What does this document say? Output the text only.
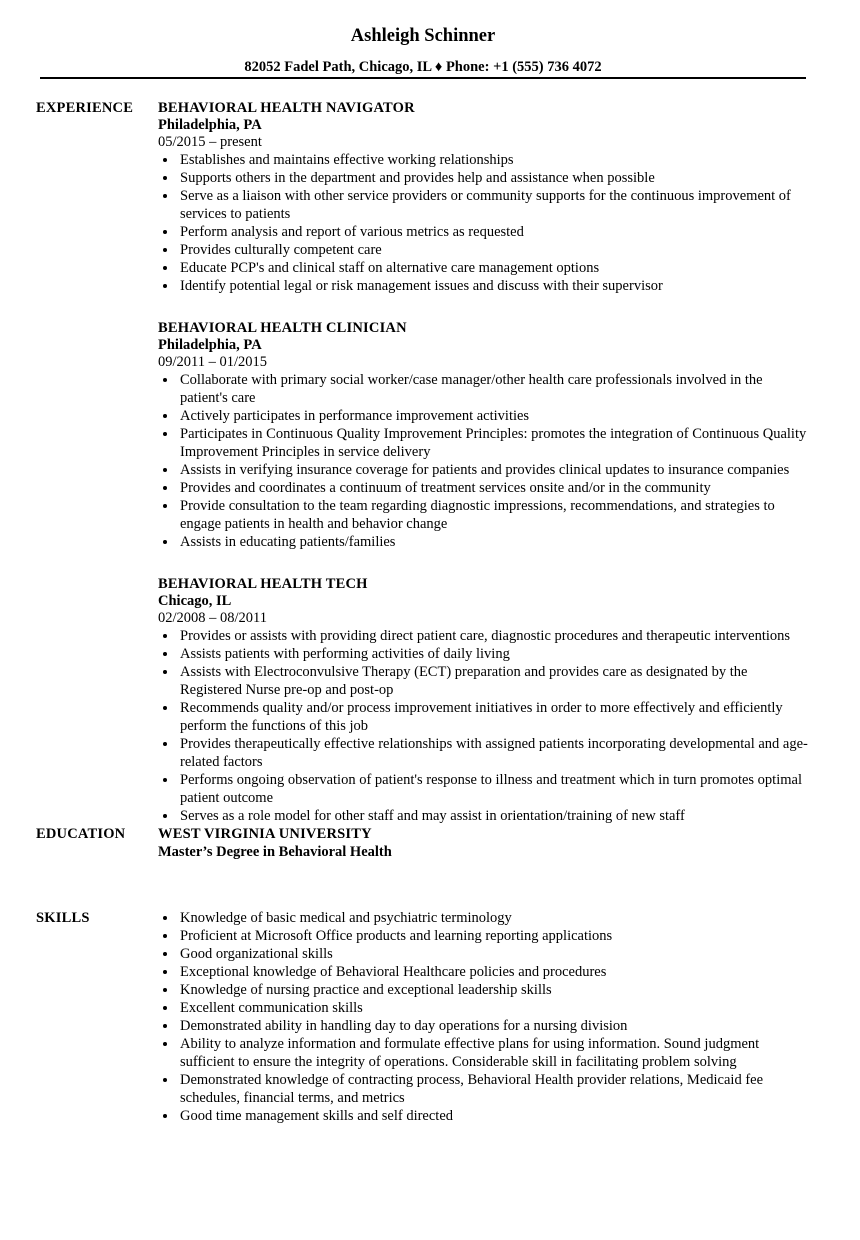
Ashleigh Schinner
82052 Fadel Path, Chicago, IL ♦ Phone: +1 (555) 736 4072
EXPERIENCE	BEHAVIORAL HEALTH NAVIGATOR
Philadelphia, PA
05/2015 – present
Establishes and maintains effective working relationships
Supports others in the department and provides help and assistance when possible
Serve as a liaison with other service providers or community supports for the continuous improvement of services to patients
Perform analysis and report of various metrics as requested
Provides culturally competent care
Educate PCP's and clinical staff on alternative care management options
Identify potential legal or risk management issues and discuss with their supervisor
BEHAVIORAL HEALTH CLINICIAN
Philadelphia, PA
09/2011 – 01/2015
Collaborate with primary social worker/case manager/other health care professionals involved in the patient's care
Actively participates in performance improvement activities
Participates in Continuous Quality Improvement Principles: promotes the integration of Continuous Quality Improvement Principles in service delivery
Assists in verifying insurance coverage for patients and provides clinical updates to insurance companies
Provides and coordinates a continuum of treatment services onsite and/or in the community
Provide consultation to the team regarding diagnostic impressions, recommendations, and strategies to engage patients in health and behavior change
Assists in educating patients/families
BEHAVIORAL HEALTH TECH
Chicago, IL
02/2008 – 08/2011
Provides or assists with providing direct patient care, diagnostic procedures and therapeutic interventions
Assists patients with performing activities of daily living
Assists with Electroconvulsive Therapy (ECT) preparation and provides care as designated by the Registered Nurse pre-op and post-op
Recommends quality and/or process improvement initiatives in order to more effectively and efficiently perform the functions of this job
Provides therapeutically effective relationships with assigned patients incorporating developmental and age-related factors
Performs ongoing observation of patient's response to illness and treatment which in turn promotes optimal patient outcome
Serves as a role model for other staff and may assist in orientation/training of new staff
EDUCATION	WEST VIRGINIA UNIVERSITY
Master’s Degree in Behavioral Health
SKILLS	Knowledge of basic medical and psychiatric terminology
Proficient at Microsoft Office products and learning reporting applications
Good organizational skills
Exceptional knowledge of Behavioral Healthcare policies and procedures
Knowledge of nursing practice and exceptional leadership skills
Excellent communication skills
Demonstrated ability in handling day to day operations for a nursing division
Ability to analyze information and formulate effective plans for using information. Sound judgment sufficient to ensure the integrity of operations. Considerable skill in facilitating problem solving
Demonstrated knowledge of contracting process, Behavioral Health provider relations, Medicaid fee schedules, financial terms, and metrics
Good time management skills and self directed
